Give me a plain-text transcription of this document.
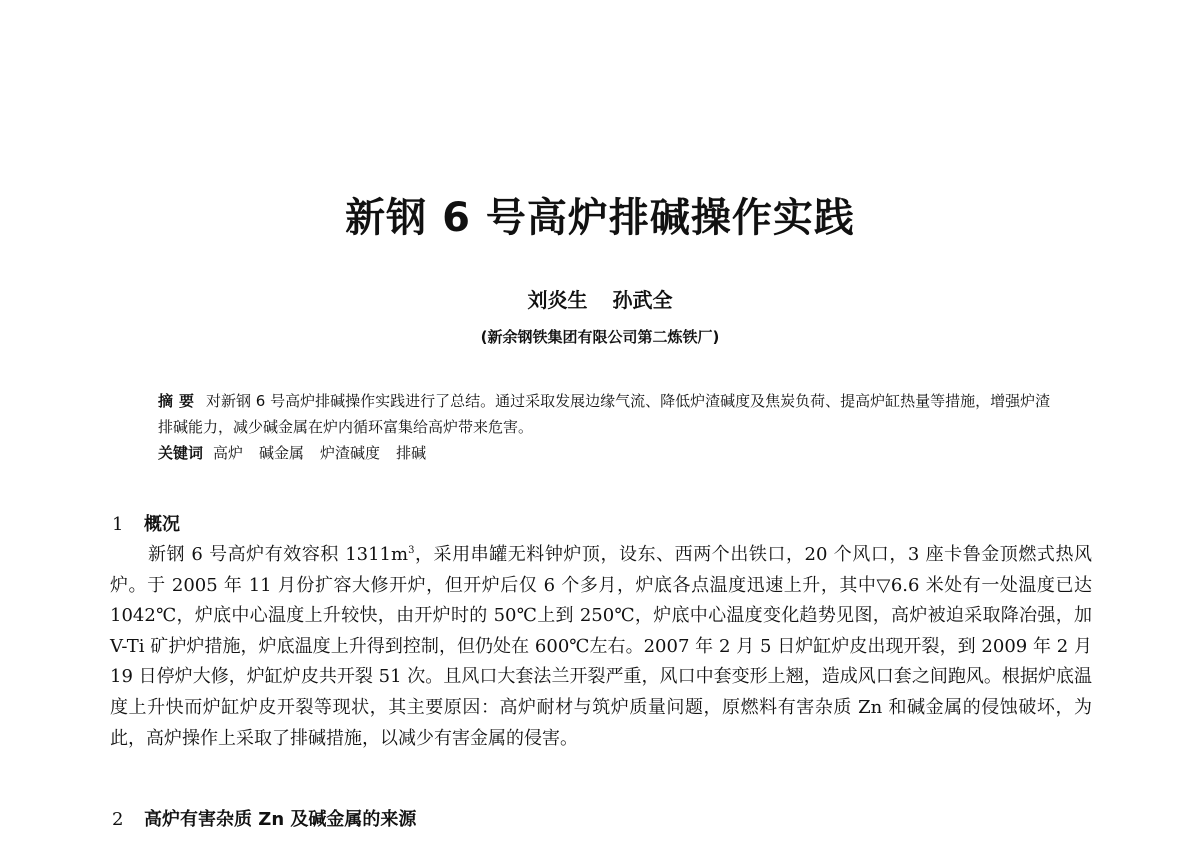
新钢 6 号高炉排碱操作实践
刘炎生 孙武全
(新余钢铁集团有限公司第二炼铁厂)
摘要 对新钢 6 号高炉排碱操作实践进行了总结。通过采取发展边缘气流、降低炉渣碱度及焦炭负荷、提高炉缸热量等措施，增强炉渣排碱能力，减少碱金属在炉内循环富集给高炉带来危害。
关键词 高炉 碱金属 炉渣碱度 排碱
1 概况

新钢 6 号高炉有效容积 $1311m^3$，采用串罐无料钟炉顶，设东、西两个出铁口，20 个风口，3 座卡鲁金顶燃式热风炉。于 2005 年 11 月份扩容大修开炉，但开炉后仅 6 个多月，炉底各点温度迅速上升，其中▽6.6 米处有一处温度已达 1042℃，炉底中心温度上升较快，由开炉时的 50℃上到 250℃，炉底中心温度变化趋势见图，高炉被迫采取降冶强，加 V-Ti 矿护炉措施，炉底温度上升得到控制，但仍处在 600℃左右。2007 年 2 月 5 日炉缸炉皮出现开裂，到 2009 年 2 月 19 日停炉大修，炉缸炉皮共开裂 51 次。且风口大套法兰开裂严重，风口中套变形上翘，造成风口套之间跑风。根据炉底温度上升快而炉缸炉皮开裂等现状，其主要原因：高炉耐材与筑炉质量问题，原燃料有害杂质 Zn 和碱金属的侵蚀破坏，为此，高炉操作上采取了排碱措施，以减少有害金属的侵害。

2 高炉有害杂质 Zn 及碱金属的来源
